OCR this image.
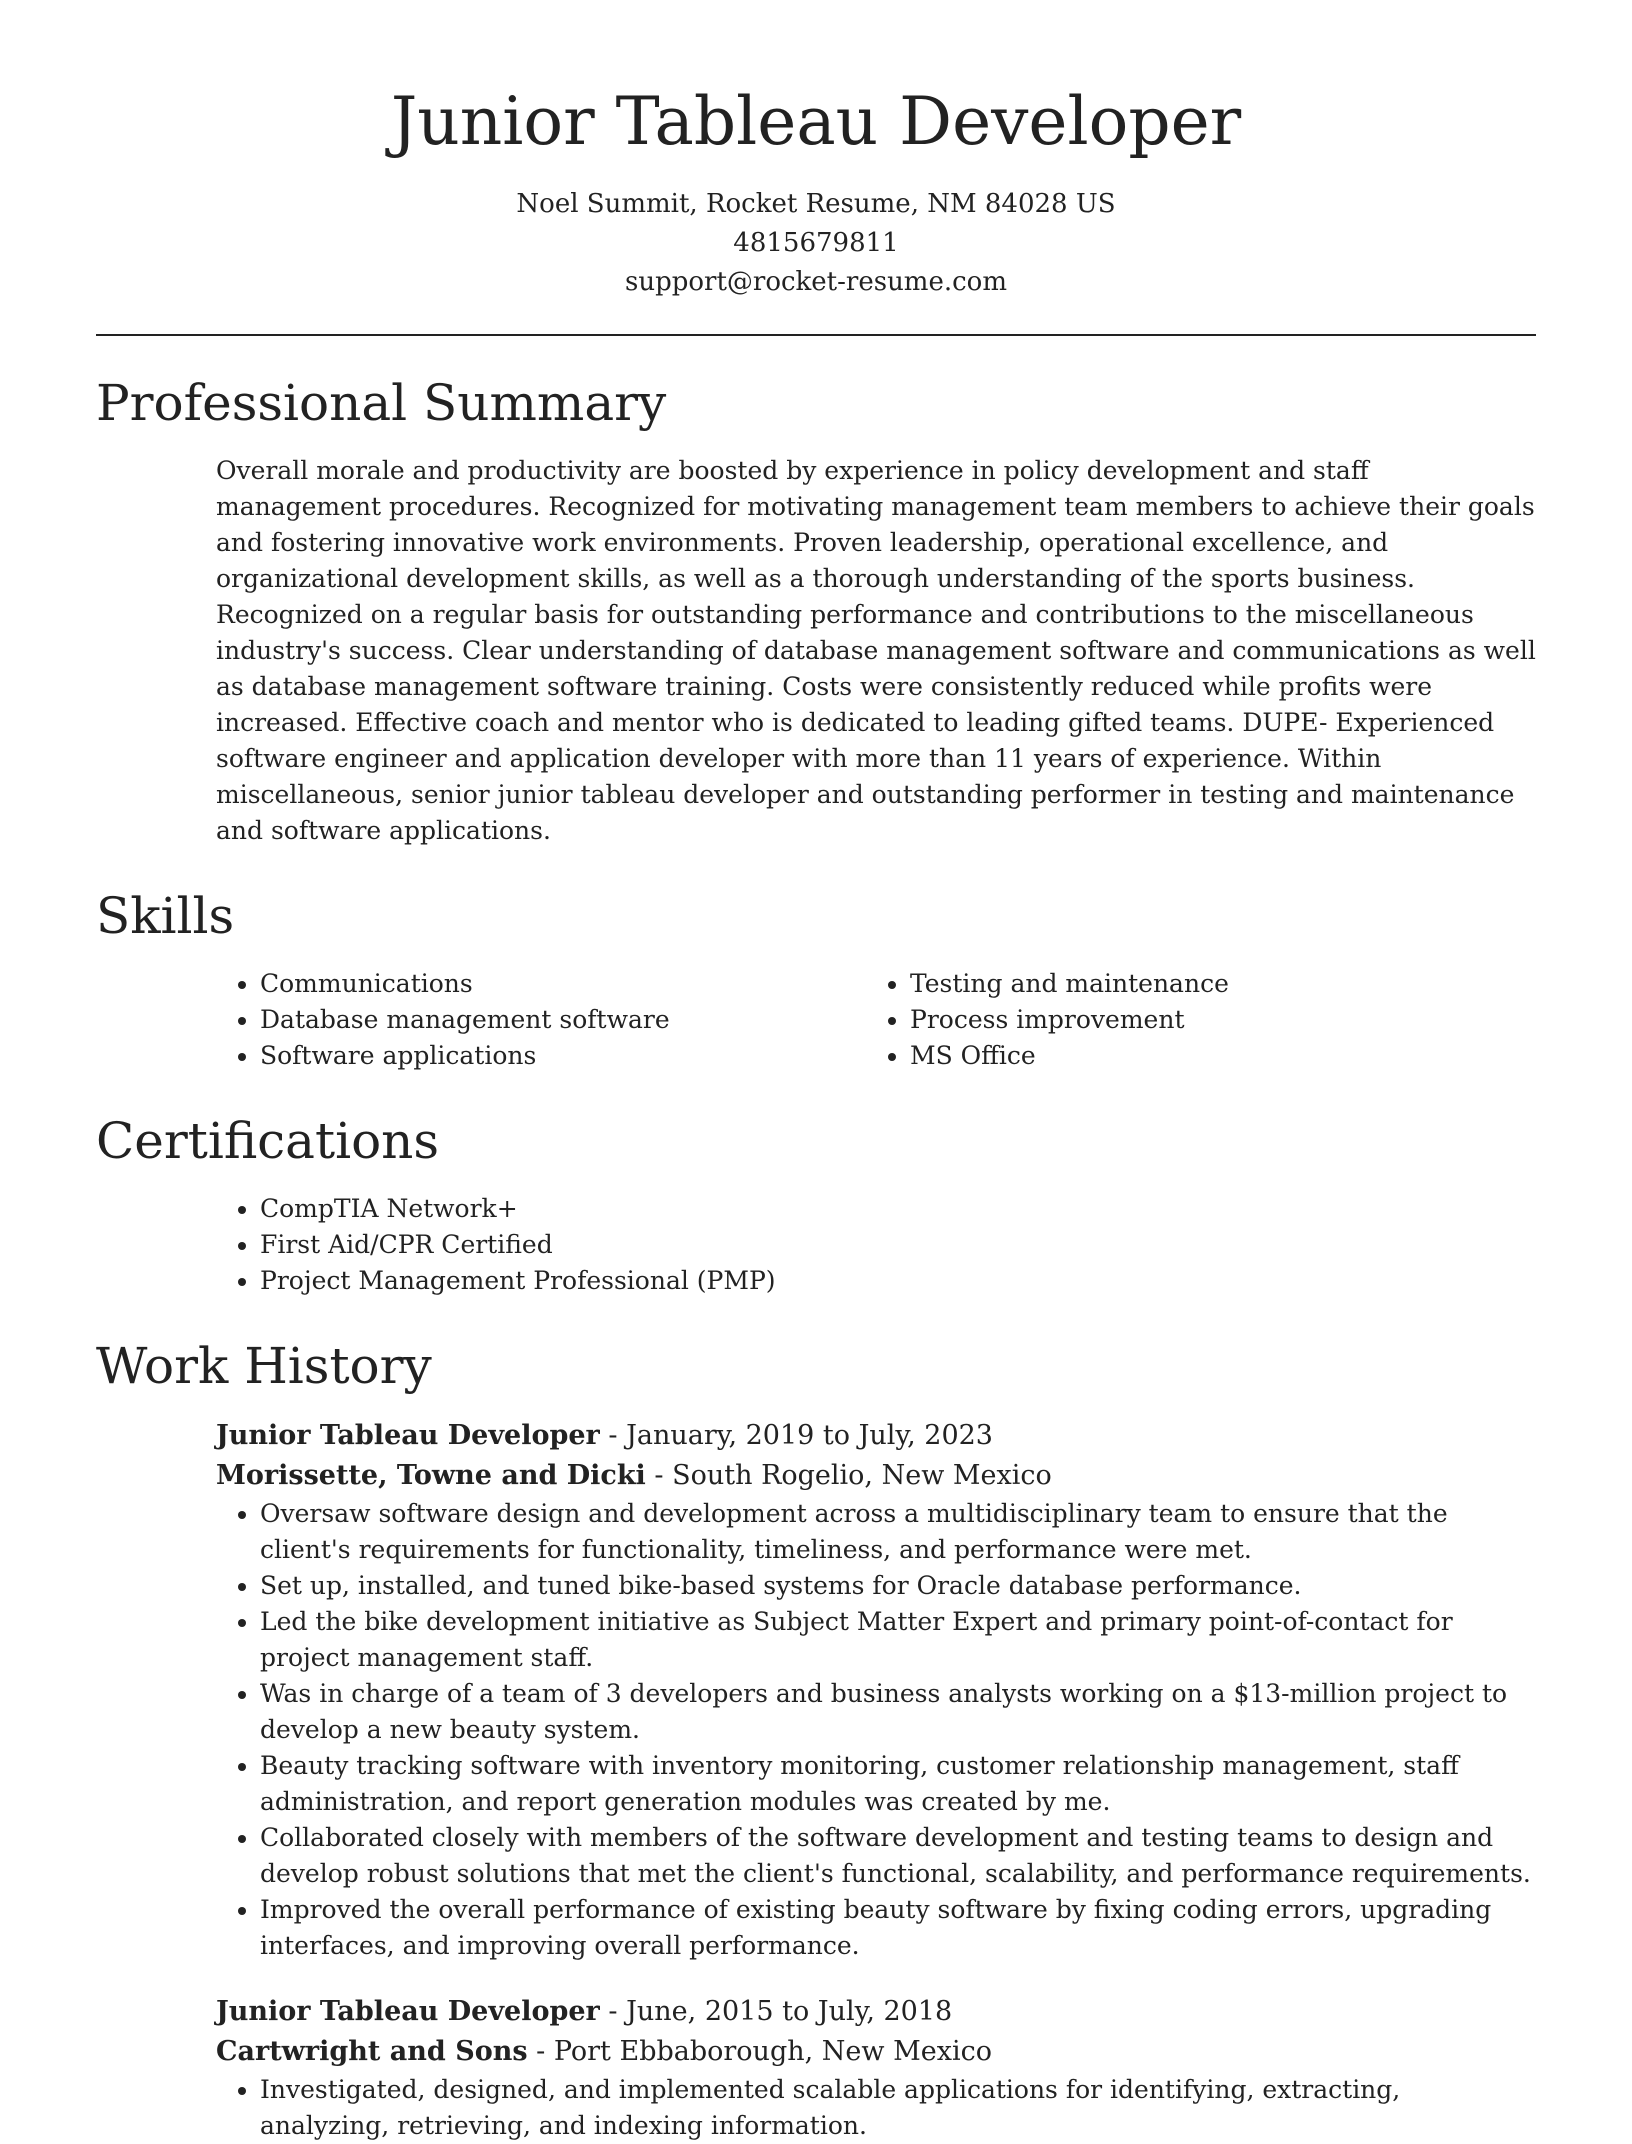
Junior Tableau Developer
Noel Summit, Rocket Resume, NM 84028 US
4815679811
support@rocket-resume.com
Professional Summary

Overall morale and productivity are boosted by experience in policy development and staff management procedures. Recognized for motivating management team members to achieve their goals and fostering innovative work environments. Proven leadership, operational excellence, and organizational development skills, as well as a thorough understanding of the sports business. Recognized on a regular basis for outstanding performance and contributions to the miscellaneous industry's success. Clear understanding of database management software and communications as well as database management software training. Costs were consistently reduced while profits were increased. Effective coach and mentor who is dedicated to leading gifted teams. DUPE- Experienced software engineer and application developer with more than 11 years of experience. Within miscellaneous, senior junior tableau developer and outstanding performer in testing and maintenance and software applications.

Skills
• Communications
• Database management software
• Software applications
• Testing and maintenance
• Process improvement
• MS Office
Certifications
• CompTIA Network+
• First Aid/CPR Certified
• Project Management Professional (PMP)
Work History
Junior Tableau Developer - January, 2019 to July, 2023
Morissette, Towne and Dicki - South Rogelio, New Mexico
• Oversaw software design and development across a multidisciplinary team to ensure that the client's requirements for functionality, timeliness, and performance were met.
• Set up, installed, and tuned bike-based systems for Oracle database performance.
• Led the bike development initiative as Subject Matter Expert and primary point-of-contact for project management staff.
• Was in charge of a team of 3 developers and business analysts working on a $13-million project to develop a new beauty system.
• Beauty tracking software with inventory monitoring, customer relationship management, staff administration, and report generation modules was created by me.
• Collaborated closely with members of the software development and testing teams to design and develop robust solutions that met the client's functional, scalability, and performance requirements.
• Improved the overall performance of existing beauty software by fixing coding errors, upgrading interfaces, and improving overall performance.
Junior Tableau Developer - June, 2015 to July, 2018
Cartwright and Sons - Port Ebbaborough, New Mexico
• Investigated, designed, and implemented scalable applications for identifying, extracting, analyzing, retrieving, and indexing information.
